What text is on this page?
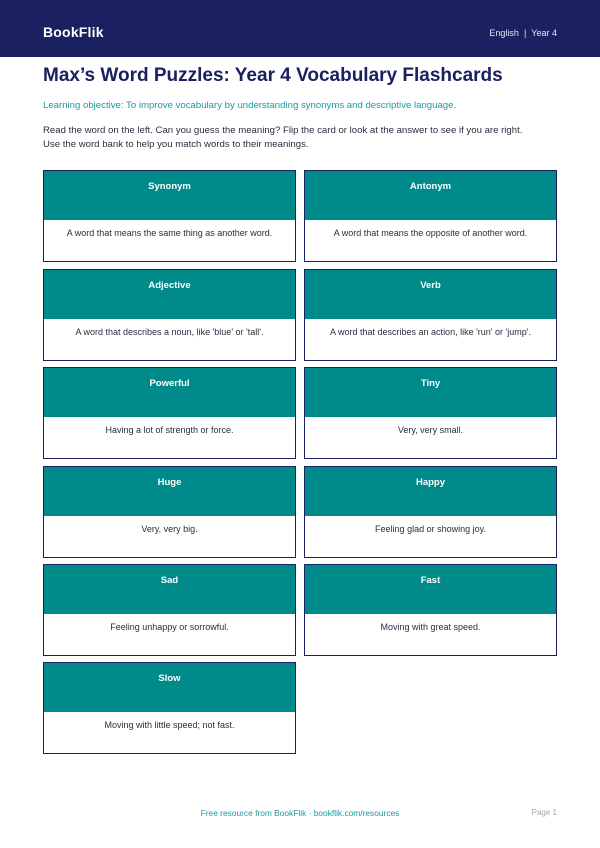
BookFlik	English | Year 4
Max’s Word Puzzles: Year 4 Vocabulary Flashcards
Learning objective: To improve vocabulary by understanding synonyms and descriptive language.

Read the word on the left. Can you guess the meaning? Flip the card or look at the answer to see if you are right.

Use the word bank to help you match words to their meanings.

Synonym
A word that means the same thing as another word.
Antonym
A word that means the opposite of another word.
Adjective
A word that describes a noun, like 'blue' or 'tall'.
Verb
A word that describes an action, like 'run' or 'jump'.
Powerful
Having a lot of strength or force.
Tiny
Very, very small.
Huge
Very, very big.
Happy
Feeling glad or showing joy.
Sad
Feeling unhappy or sorrowful.
Fast
Moving with great speed.
Slow
Moving with little speed; not fast.
Free resource from BookFlik · bookflik.com/resources	Page 1
